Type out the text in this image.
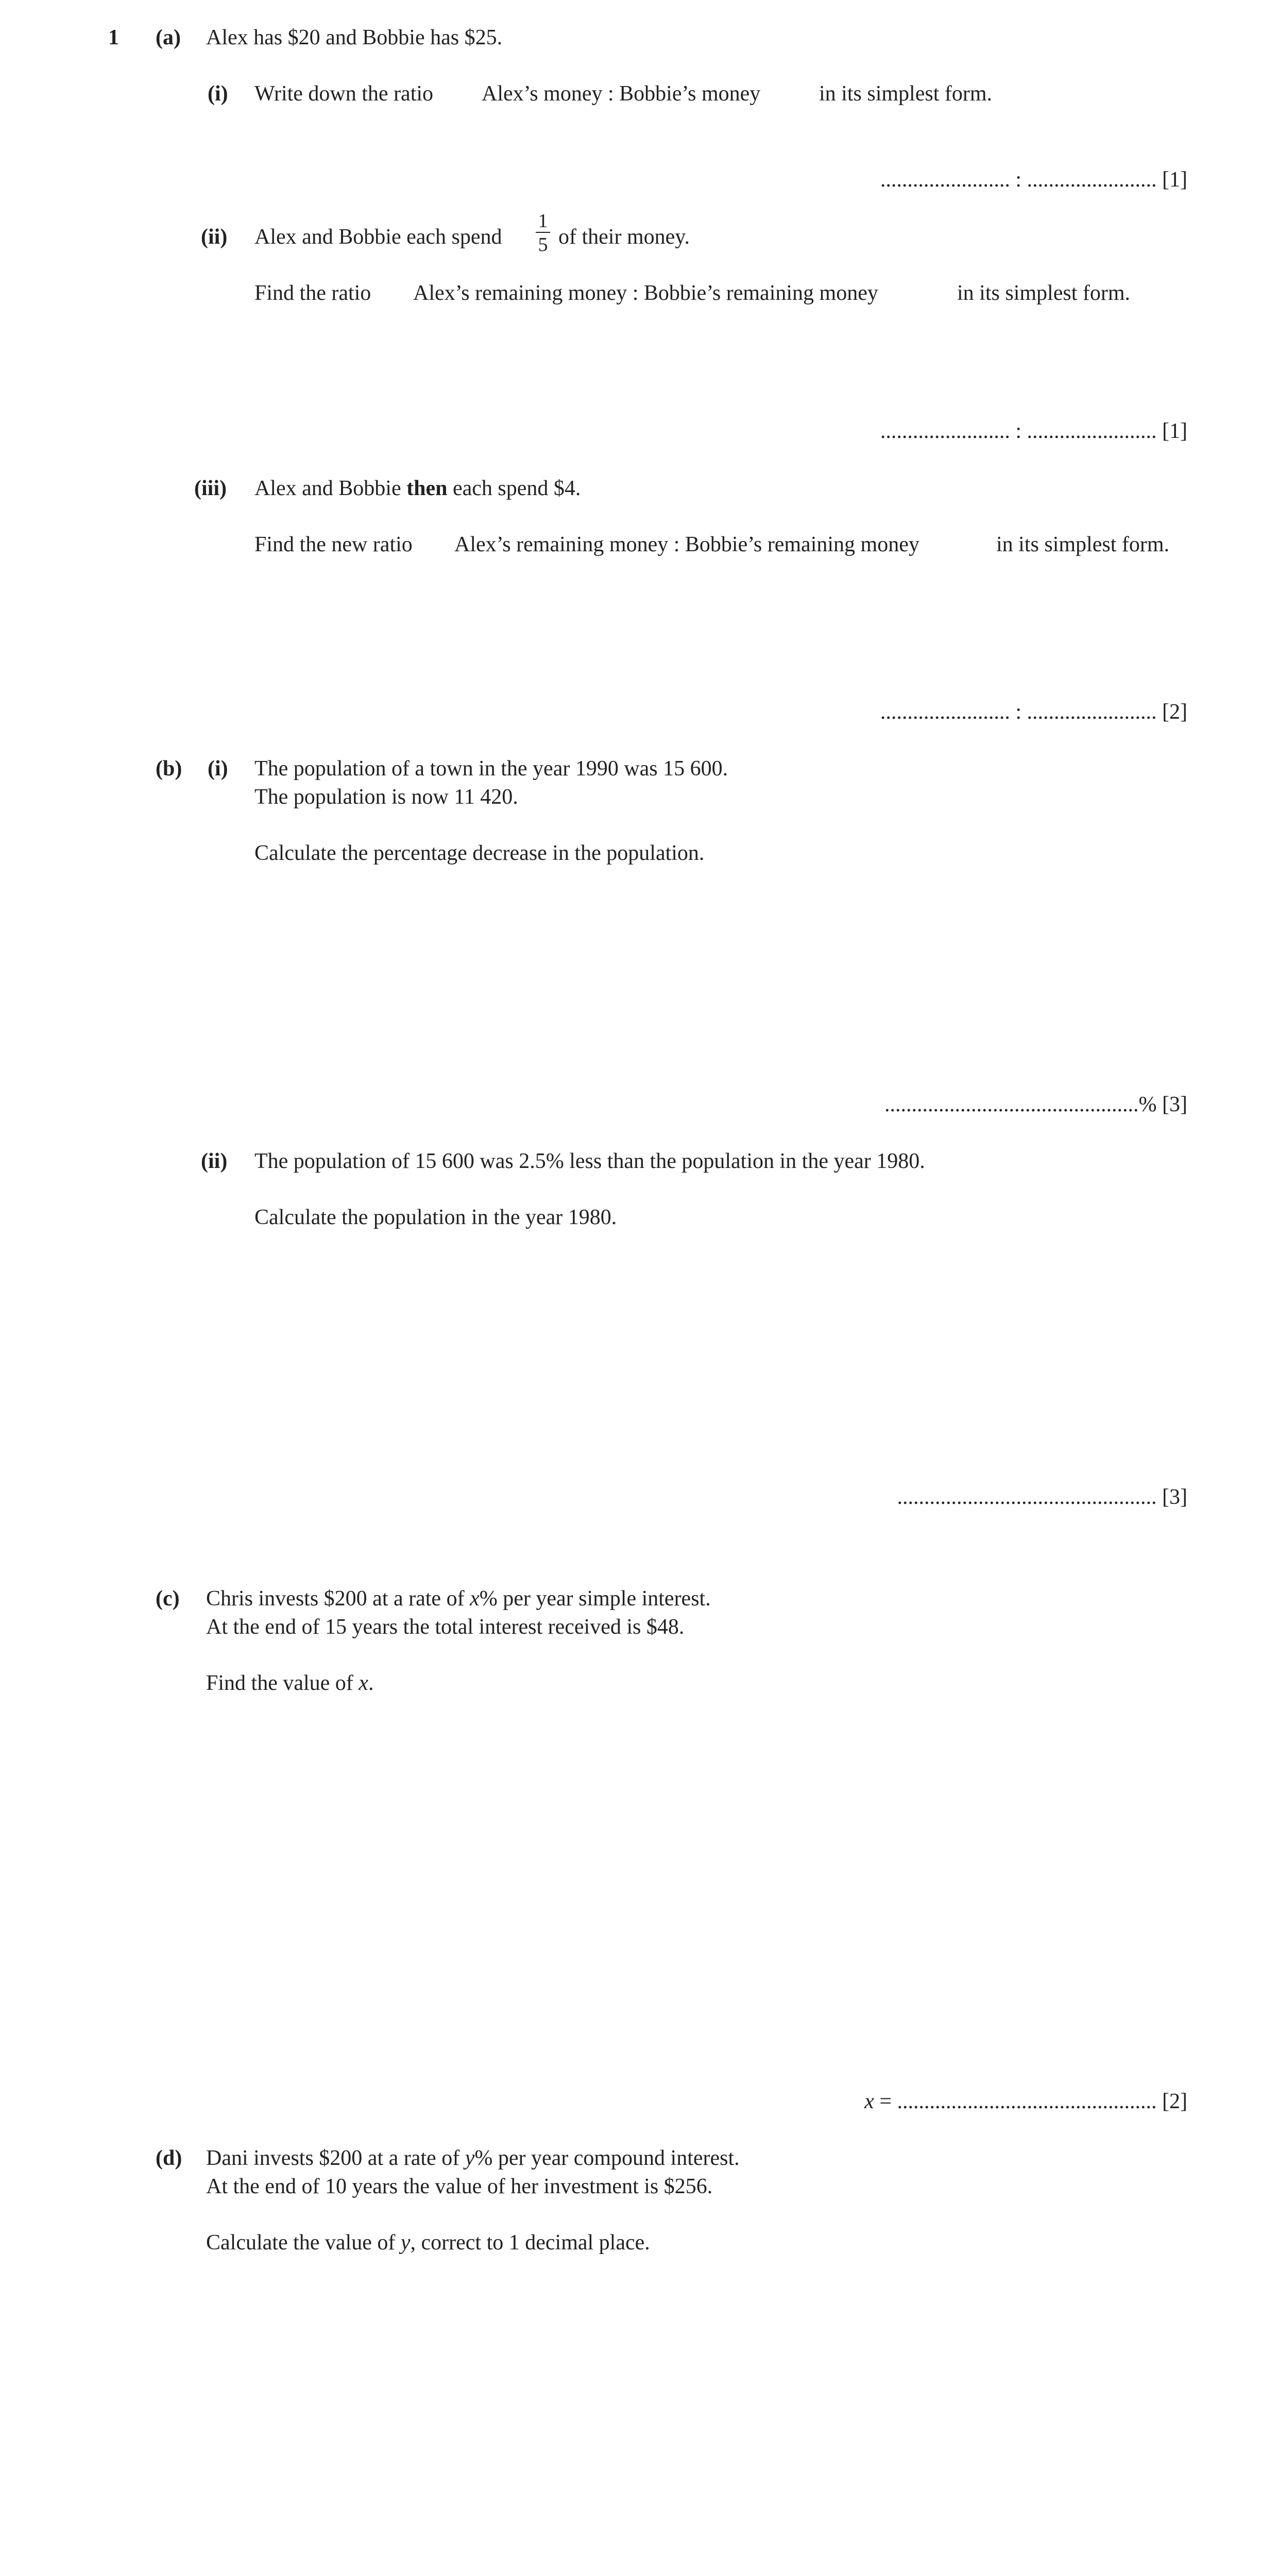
1 (a) Alex has $20 and Bobbie has $25.
(i) Write down the ratio Alex’s money : Bobbie’s money	in its simplest form.
........................ : ........................ [1]
(ii) Alex and Bobbie each spend
1
5 of their money.
Find the ratio Alex’s remaining money : Bobbie’s remaining money	in its simplest form.
........................ : ........................ [1]
(iii) Alex and Bobbie then each spend $4.
Find the new ratio Alex’s remaining money : Bobbie’s remaining money	in its simplest form.
........................ : ........................ [2]
(b) (i) The population of a town in the year 1990 was 15 600.
The population is now 11 420.
Calculate the percentage decrease in the population.
...............................................% [3]
(ii) The population of 15 600 was 2.5% less than the population in the year 1980.
Calculate the population in the year 1980.
................................................ [3]
(c) Chris invests $200 at a rate of x% per year simple interest.
At the end of 15 years the total interest received is $48.
Find the value of x.
x = ................................................ [2]
(d) Dani invests $200 at a rate of y% per year compound interest.
At the end of 10 years the value of her investment is $256.
Calculate the value of y, correct to 1 decimal place.
